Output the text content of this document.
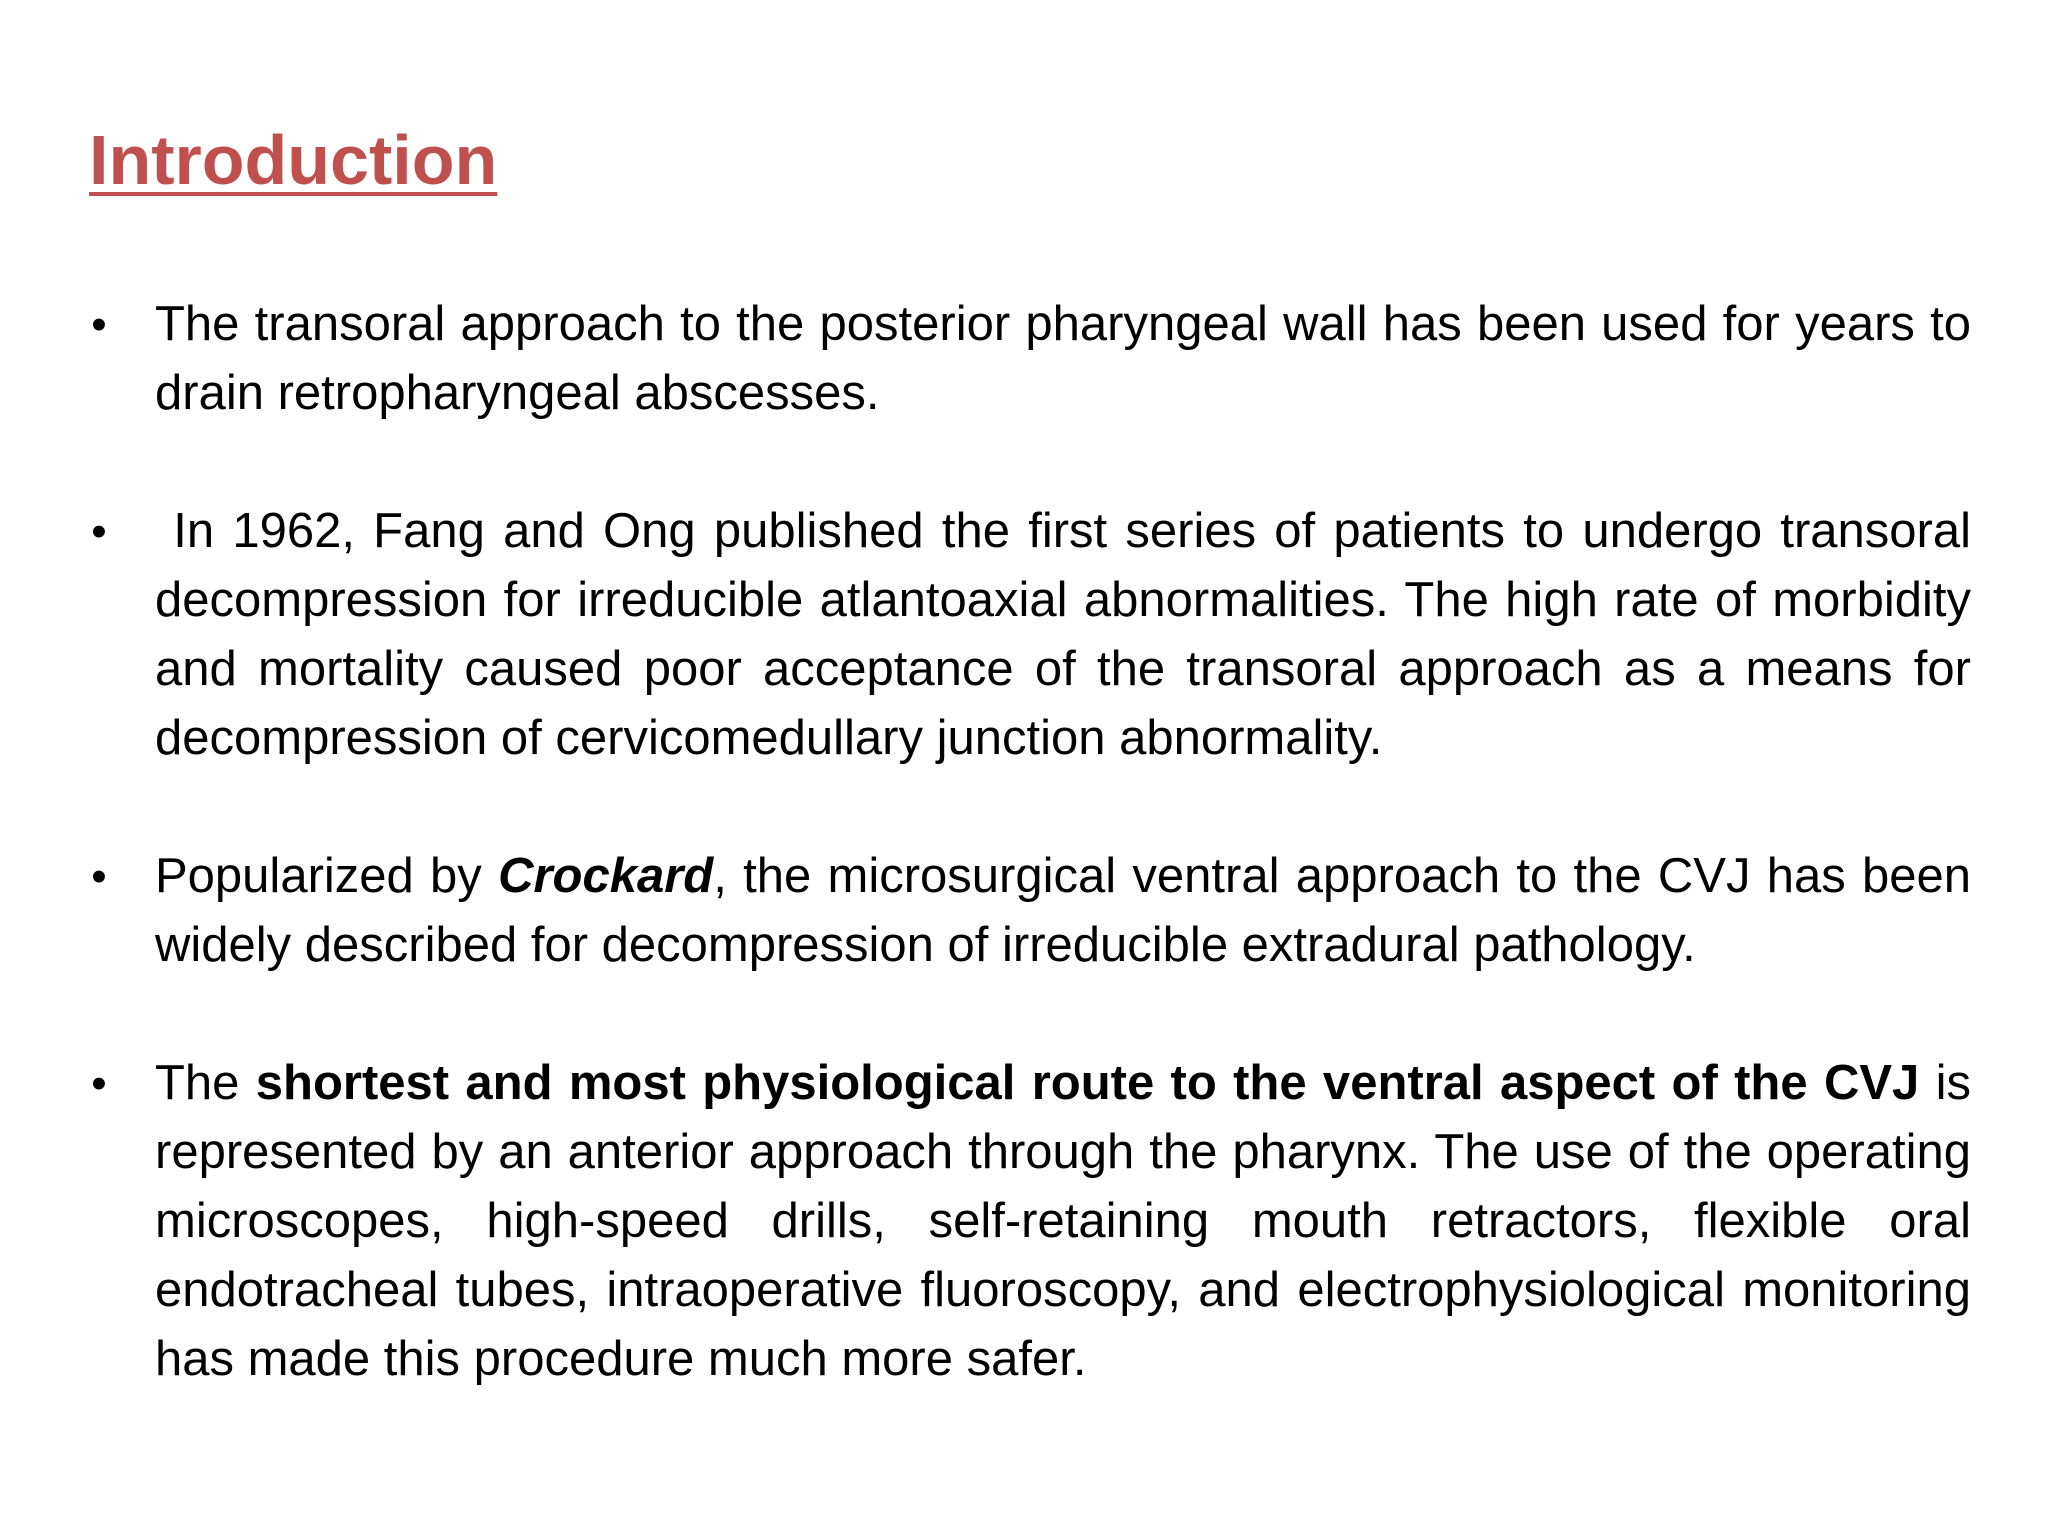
Introduction
• The transoral approach to the posterior pharyngeal wall has been used for years to drain retropharyngeal abscesses.
• In 1962, Fang and Ong published the first series of patients to undergo transoral decompression for irreducible atlantoaxial abnormalities. The high rate of morbidity and mortality caused poor acceptance of the transoral approach as a means for decompression of cervicomedullary junction abnormality.
• Popularized by Crockard, the microsurgical ventral approach to the CVJ has been widely described for decompression of irreducible extradural pathology.
• The shortest and most physiological route to the ventral aspect of the CVJ is represented by an anterior approach through the pharynx. The use of the operating microscopes, high-speed drills, self-retaining mouth retractors, flexible oral endotracheal tubes, intraoperative fluoroscopy, and electrophysiological monitoring has made this procedure much more safer.
